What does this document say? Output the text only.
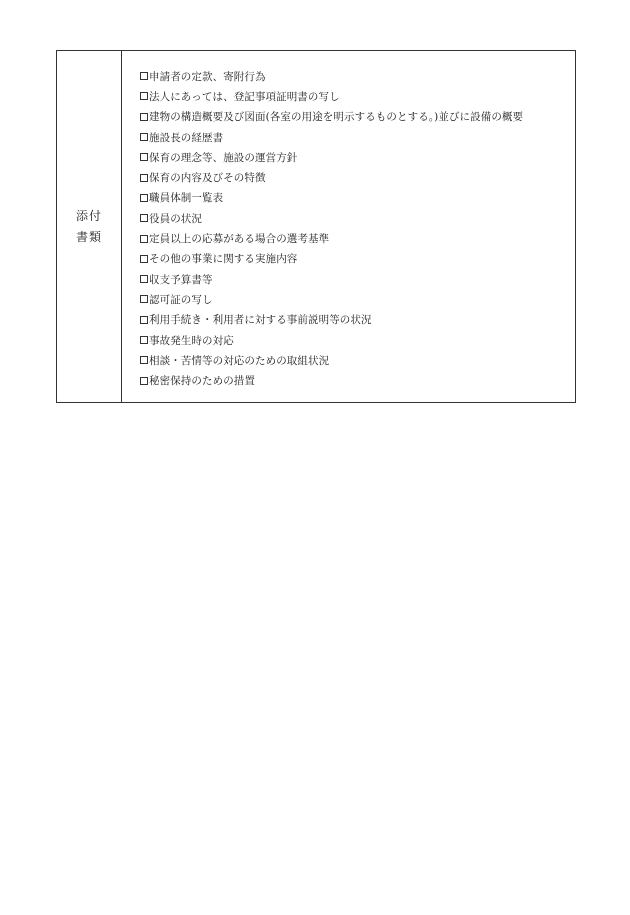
添付
書類
申請者の定款、寄附行為
法人にあっては、登記事項証明書の写し
建物の構造概要及び図面(各室の用途を明示するものとする。)並びに設備の概要
施設長の経歴書
保育の理念等、施設の運営方針
保育の内容及びその特徴
職員体制一覧表
役員の状況
定員以上の応募がある場合の選考基準
その他の事業に関する実施内容
収支予算書等
認可証の写し
利用手続き・利用者に対する事前説明等の状況
事故発生時の対応
相談・苦情等の対応のための取組状況
秘密保持のための措置
